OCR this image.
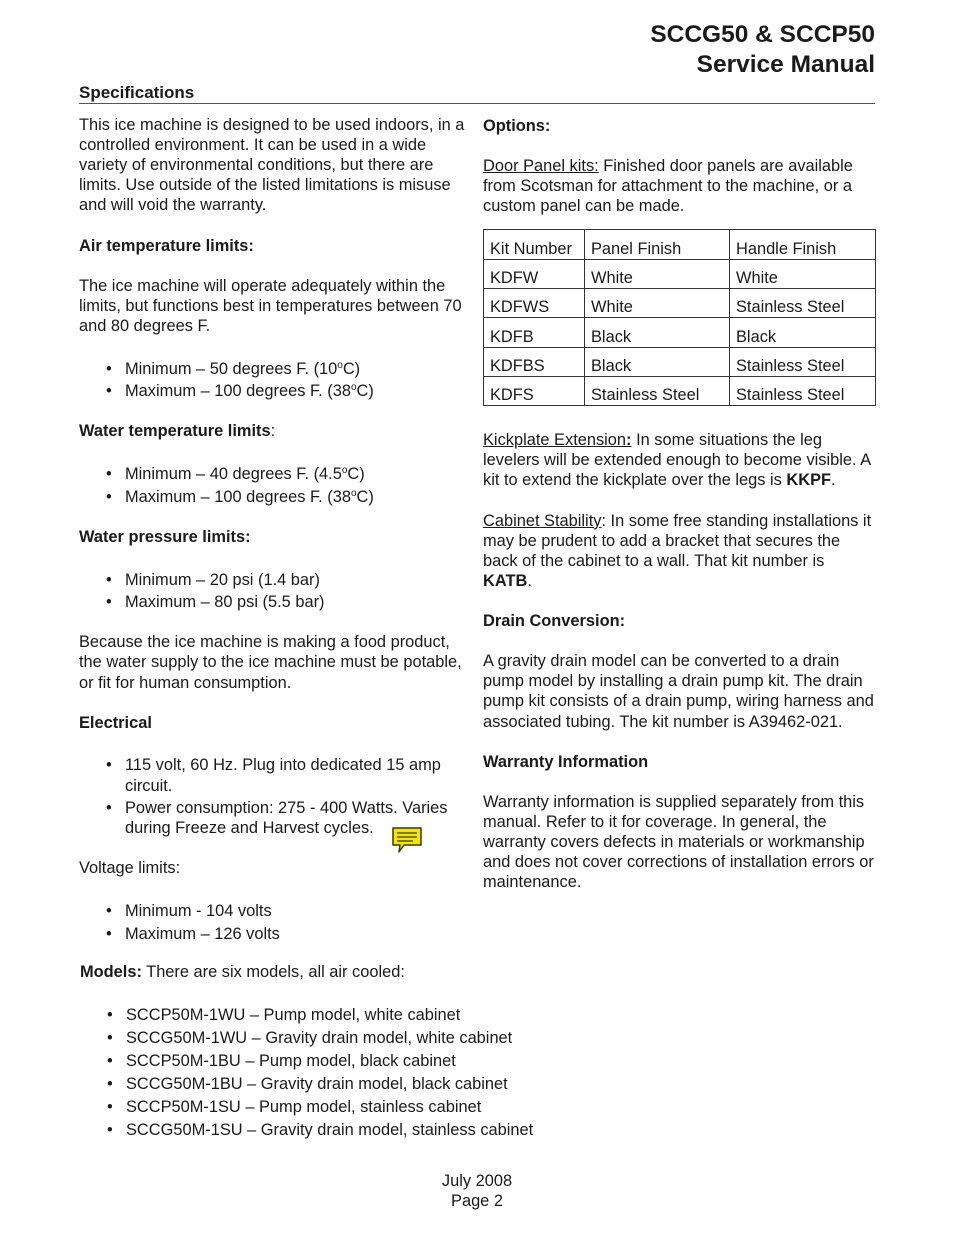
SCCG50 & SCCP50
Service Manual
Specifications

This ice machine is designed to be used indoors, in a controlled environment. It can be used in a wide variety of environmental conditions, but there are limits. Use outside of the listed limitations is misuse and will void the warranty.

Air temperature limits:

The ice machine will operate adequately within the limits, but functions best in temperatures between 70 and 80 degrees F.

• Minimum – 50 degrees F. (10$^o$C)
• Maximum – 100 degrees F. (38$^o$C)

Water temperature limits:

• Minimum – 40 degrees F. (4.5$^o$C)
• Maximum – 100 degrees F. (38$^o$C)

Water pressure limits:

• Minimum – 20 psi (1.4 bar)
• Maximum – 80 psi (5.5 bar)

Because the ice machine is making a food product, the water supply to the ice machine must be potable, or fit for human consumption.

Electrical

• 115 volt, 60 Hz. Plug into dedicated 15 amp circuit.
• Power consumption: 275 - 400 Watts. Varies during Freeze and Harvest cycles.

Voltage limits:

• Minimum - 104 volts
• Maximum – 126 volts

Options:

Door Panel kits: Finished door panels are available from Scotsman for attachment to the machine, or a custom panel can be made.

Kit Number	Panel Finish	Handle Finish
KDFW	White	White
KDFWS	White	Stainless Steel
KDFB	Black	Black
KDFBS	Black	Stainless Steel
KDFS	Stainless Steel	Stainless Steel

Kickplate Extension: In some situations the leg levelers will be extended enough to become visible. A kit to extend the kickplate over the legs is KKPF.

Cabinet Stability: In some free standing installations it may be prudent to add a bracket that secures the back of the cabinet to a wall. That kit number is KATB.

Drain Conversion:

A gravity drain model can be converted to a drain pump model by installing a drain pump kit. The drain pump kit consists of a drain pump, wiring harness and associated tubing. The kit number is A39462-021.

Warranty Information

Warranty information is supplied separately from this manual. Refer to it for coverage. In general, the warranty covers defects in materials or workmanship and does not cover corrections of installation errors or maintenance.

Models: There are six models, all air cooled:

• SCCP50M-1WU – Pump model, white cabinet
• SCCG50M-1WU – Gravity drain model, white cabinet
• SCCP50M-1BU – Pump model, black cabinet
• SCCG50M-1BU – Gravity drain model, black cabinet
• SCCP50M-1SU – Pump model, stainless cabinet
• SCCG50M-1SU – Gravity drain model, stainless cabinet

July 2008

Page 2
